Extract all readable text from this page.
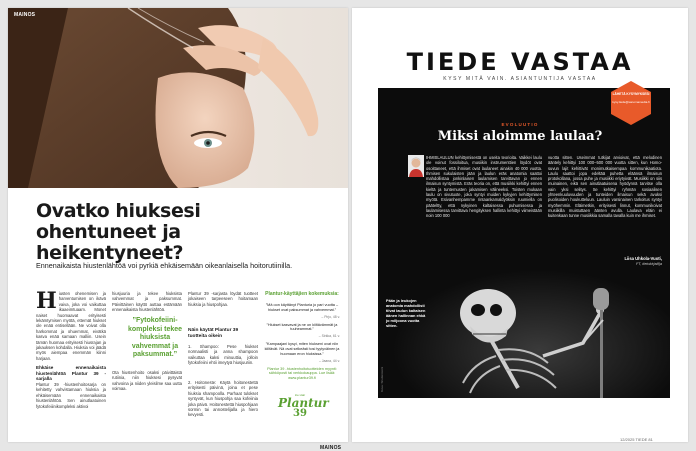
MAINOS
Ovatko hiuksesi ohentuneet ja heikentyneet?

Ennenaikaista hiustenlähtöä voi pyrkiä ehkäisemään oikeanlaisella hoitorutiinilla.

H iusten ohenemisen ja harventumisen on ikävä vaiva, joka voi vaikuttaa ikaaeimtuaam. Monet naiset huomaavat erityisesti lekämtymisen myötä, ettemät hiukset ole enää entisellään. Ne voivat olla harkommat ja ohuemmat, eivätkä kasva enää samaan malliin. Usein tämän huomaa erityisesti hiusrajan ja jakauksen kohdalla. Hiuksia voi jäädä myös aiempaa enemmän kiinni harjaan.
Ehkäise ennenaikaista hiustenlähtöä Plantur 39 -sarjalla
Plantur 39 -hiustenhoitosarja on kehitetty vahvistamaan hiuksia ja ehkäisemään ennenaikaista hiustenlähtöä. Sen ainutlaatuinen fytokofeiiinikompleksi aktivoi
hiusjuuria ja tekee hiuksista vahvemmat ja paksummat. Päivittäinen käyttö auttaa estämään ennenaikaista hiustenlähtöä.
”Fytokofeiini-kompleksi tekee hiuksista vahvemmat ja paksummat.”
Ota hiustenhoito osaksi päivittäistä rutiinia, niin hiuksesi pysyvät vahvoina ja niiden yleisilme saa uutta voimaa.
Plantur 39 -sarjasta löydät tuotteet jokaiseen tarpeeseen hoitamaan hiuksia ja hiuspohjaa.
Näin käytät Plantur 39 tuotteita oikein
1. Shampoo: Pese hiukset normaalisti ja anna shampoon vaikuttaa kaksi minuuttia, jolloin fytokofeiini ehtii imeytyä hiusjuuriin.
2. Hoitoneste: Käytä hoitonestettä erityisesti päivinä, joina et pese hiuksia shampoolla. Parhaat tulokset syntyvät, kun hiuspohja saa kofeiinia joka päivä. Hoitonestettä hiuspohjaan sormin tai annostelijalla ja hiero kevyesti.
Plantur-käyttäjien kokemuksia:
”Mä oon käyttänyt Planturia jo pari vuotta – hiukset ovat paksummat ja vahvemmat.”
– Pirjo, 48 v.
”Hiukset kasvavat ja ne on kiiltävämmät ja tuuheammat.”
– Sirkka, 61 v.
”Kampaajani kysyi, miten hiukseni ovat niin kiiltävät. Nä ovat selkeästi tosi tyytyväinen ja huomaan eron hiuksissa.”
– Jaana, 44 v.
Plantur 39 -hiustenhoitotuotteiden myynti: sähköposti tai verkkokauppa. Lue lisää: www.plantur39.fi
Ice Hair
Plantur
39
MAINOS
TIEDE VASTAA
KYSY MITÄ VAIN. ASIANTUNTIJA VASTAA
Pään ja leukojen anatomia mahdollisti tiivat laulun kaltaisen äänen hallinnan ehkä jo miljoona vuotta sitten.
Kuva: Shutterstock
LÄHETÄ KYSYMYKSESI
kysy.tiede@sanomamedia.fi
EVOLUUTIO
Miksi aloimme laulaa?
IHMISLAULUN kehittymisestä on useita teorioita. Vaikkei laulu ole voinut fossiloitua, musiikin instrumenttien löydöt ovat osoittaneet, että ihmiset ovat laulaneet ainakin 40 000 vuotta. Ihmisen sukulaisten jään ja laulun eräs anatomia saattoi mahdollistaa jonkinlaisen laulamisen tarvittavan jo ennen ilmaisun syntymistä. Eräs teoria on, että musiikki kehittyi ennen kieltä ja tuntemusten jakamisen välineeksi. Toisten mukaan laulu on sivutuote, joka syntyi muiden kykyjen kehittymisen myötä. Esivanhempamme rintaankamaldyöksin ruumiella on pääteltty, että nykyinen kaltaisessa puhumisessa ja laulamisessa tarvittava hengityksen hallinta kehittyi viimeistään noin 100 000
vuotta sitten. Useimmat tutkijat arvioivat, että melodinen ääntely kehittyi 100 000–500 000 vuotta sitten, kun Homo-suvun lajit kehittivät monimutkaisempaa kommunikaatiota. Laulu saattoi jopa edeltää puhetta eläänsä ilmaisun protokollana, jossa puhe ja musiikki eriytyivät. Musiikki on siis muinainen, eikä sen ainutlaatuisena hyödynnä tarvitse olla vain yksi selitys. Se kehittyi ryhmän sosiaalisen yhteenkuuluvuuden ja tunteiden ilmaisun sekä avuksi puolisoiden houkutteluun. Lauluin varsinainen tarkoitus syntyi myöhemmin. Eläimetkin, erityisesti linnut, kommunikoivat musiikilla muistuttaen äänten avulla. Laulava eläin ei kuitenkaan tunne musiikkia samalla tavalla kuin me ihmiset.
Liisa Uhkola-Vuoti,
FT, tietokirjailija
12/2025 TIEDE 81
